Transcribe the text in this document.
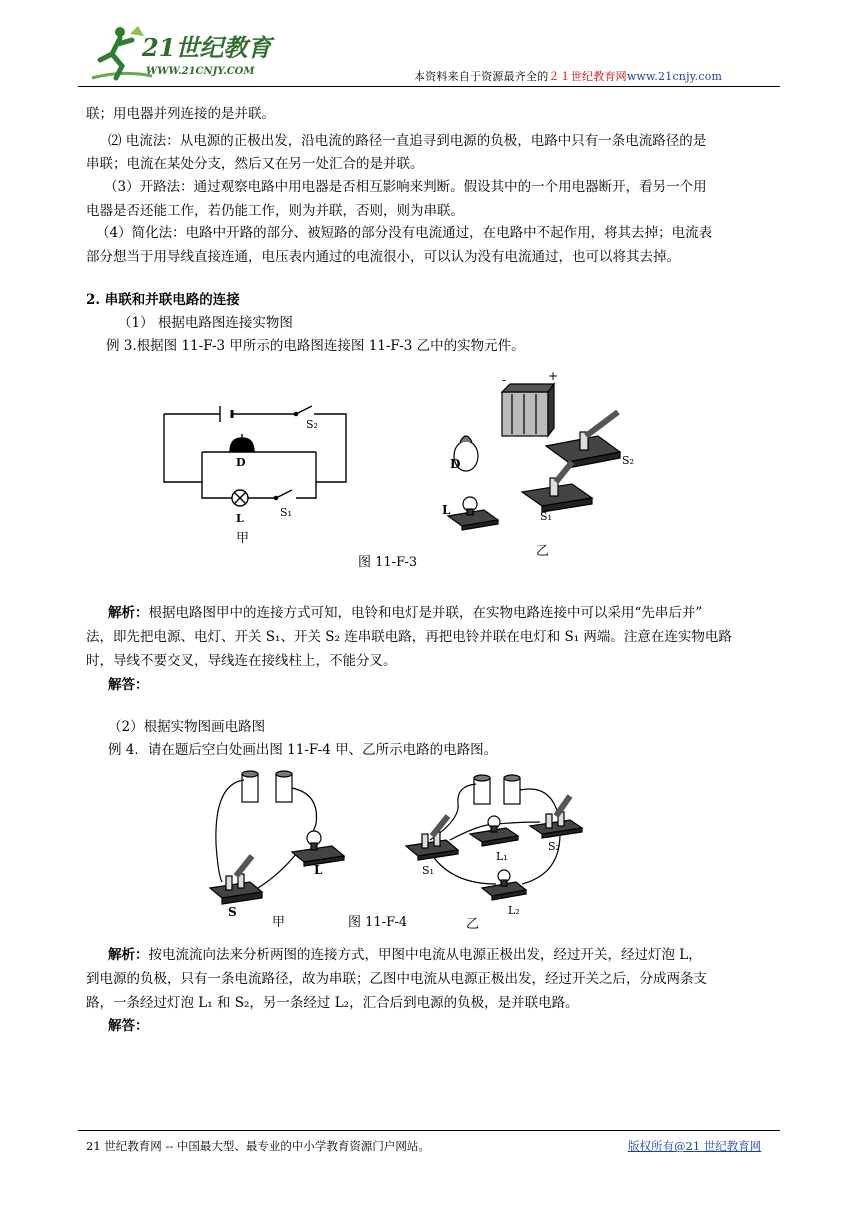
21世纪教育
WWW.21CNJY.COM	本资料来自于资源最齐全的２１世纪教育网www.21cnjy.com
联；用电器并列连接的是并联。
⑵ 电流法：从电源的正极出发，沿电流的路径一直追寻到电源的负极，电路中只有一条电流路径的是
串联；电流在某处分支，然后又在另一处汇合的是并联。
（3）开路法：通过观察电路中用电器是否相互影响来判断。假设其中的一个用电器断开，看另一个用
电器是否还能工作，若仍能工作，则为并联，否则，则为串联。
（4）简化法：电路中开路的部分、被短路的部分没有电流通过，在电路中不起作用，将其去掉；电流表
部分想当于用导线直接连通，电压表内通过的电流很小，可以认为没有电流通过，也可以将其去掉。
2. 串联和并联电路的连接
（1） 根据电路图连接实物图
例 3.根据图 11-F-3 甲所示的电路图连接图 11-F-3 乙中的实物元件。
S₂
D
L	S₁
甲
-	+
D
L
S₂
S₁
图 11-F-3
乙
解析：根据电路图甲中的连接方式可知，电铃和电灯是并联，在实物电路连接中可以采用“先串后并”
法，即先把电源、电灯、开关 S₁、开关 S₂ 连串联电路，再把电铃并联在电灯和 S₁ 两端。注意在连实物电路
时，导线不要交叉，导线连在接线柱上，不能分叉。
解答：
（2）根据实物图画电路图
例 4．请在题后空白处画出图 11-F-4 甲、乙所示电路的电路图。
L
S
甲	图 11-F-4	乙
S₁
L₁
S₂
L₂
解析：按电流流向法来分析两图的连接方式，甲图中电流从电源正极出发，经过开关，经过灯泡 L，
到电源的负极，只有一条电流路径，故为串联；乙图中电流从电源正极出发，经过开关之后，分成两条支
路，一条经过灯泡 L₁ 和 S₂，另一条经过 L₂，汇合后到电源的负极，是并联电路。
解答：
21 世纪教育网 -- 中国最大型、最专业的中小学教育资源门户网站。	版权所有@21 世纪教育网
